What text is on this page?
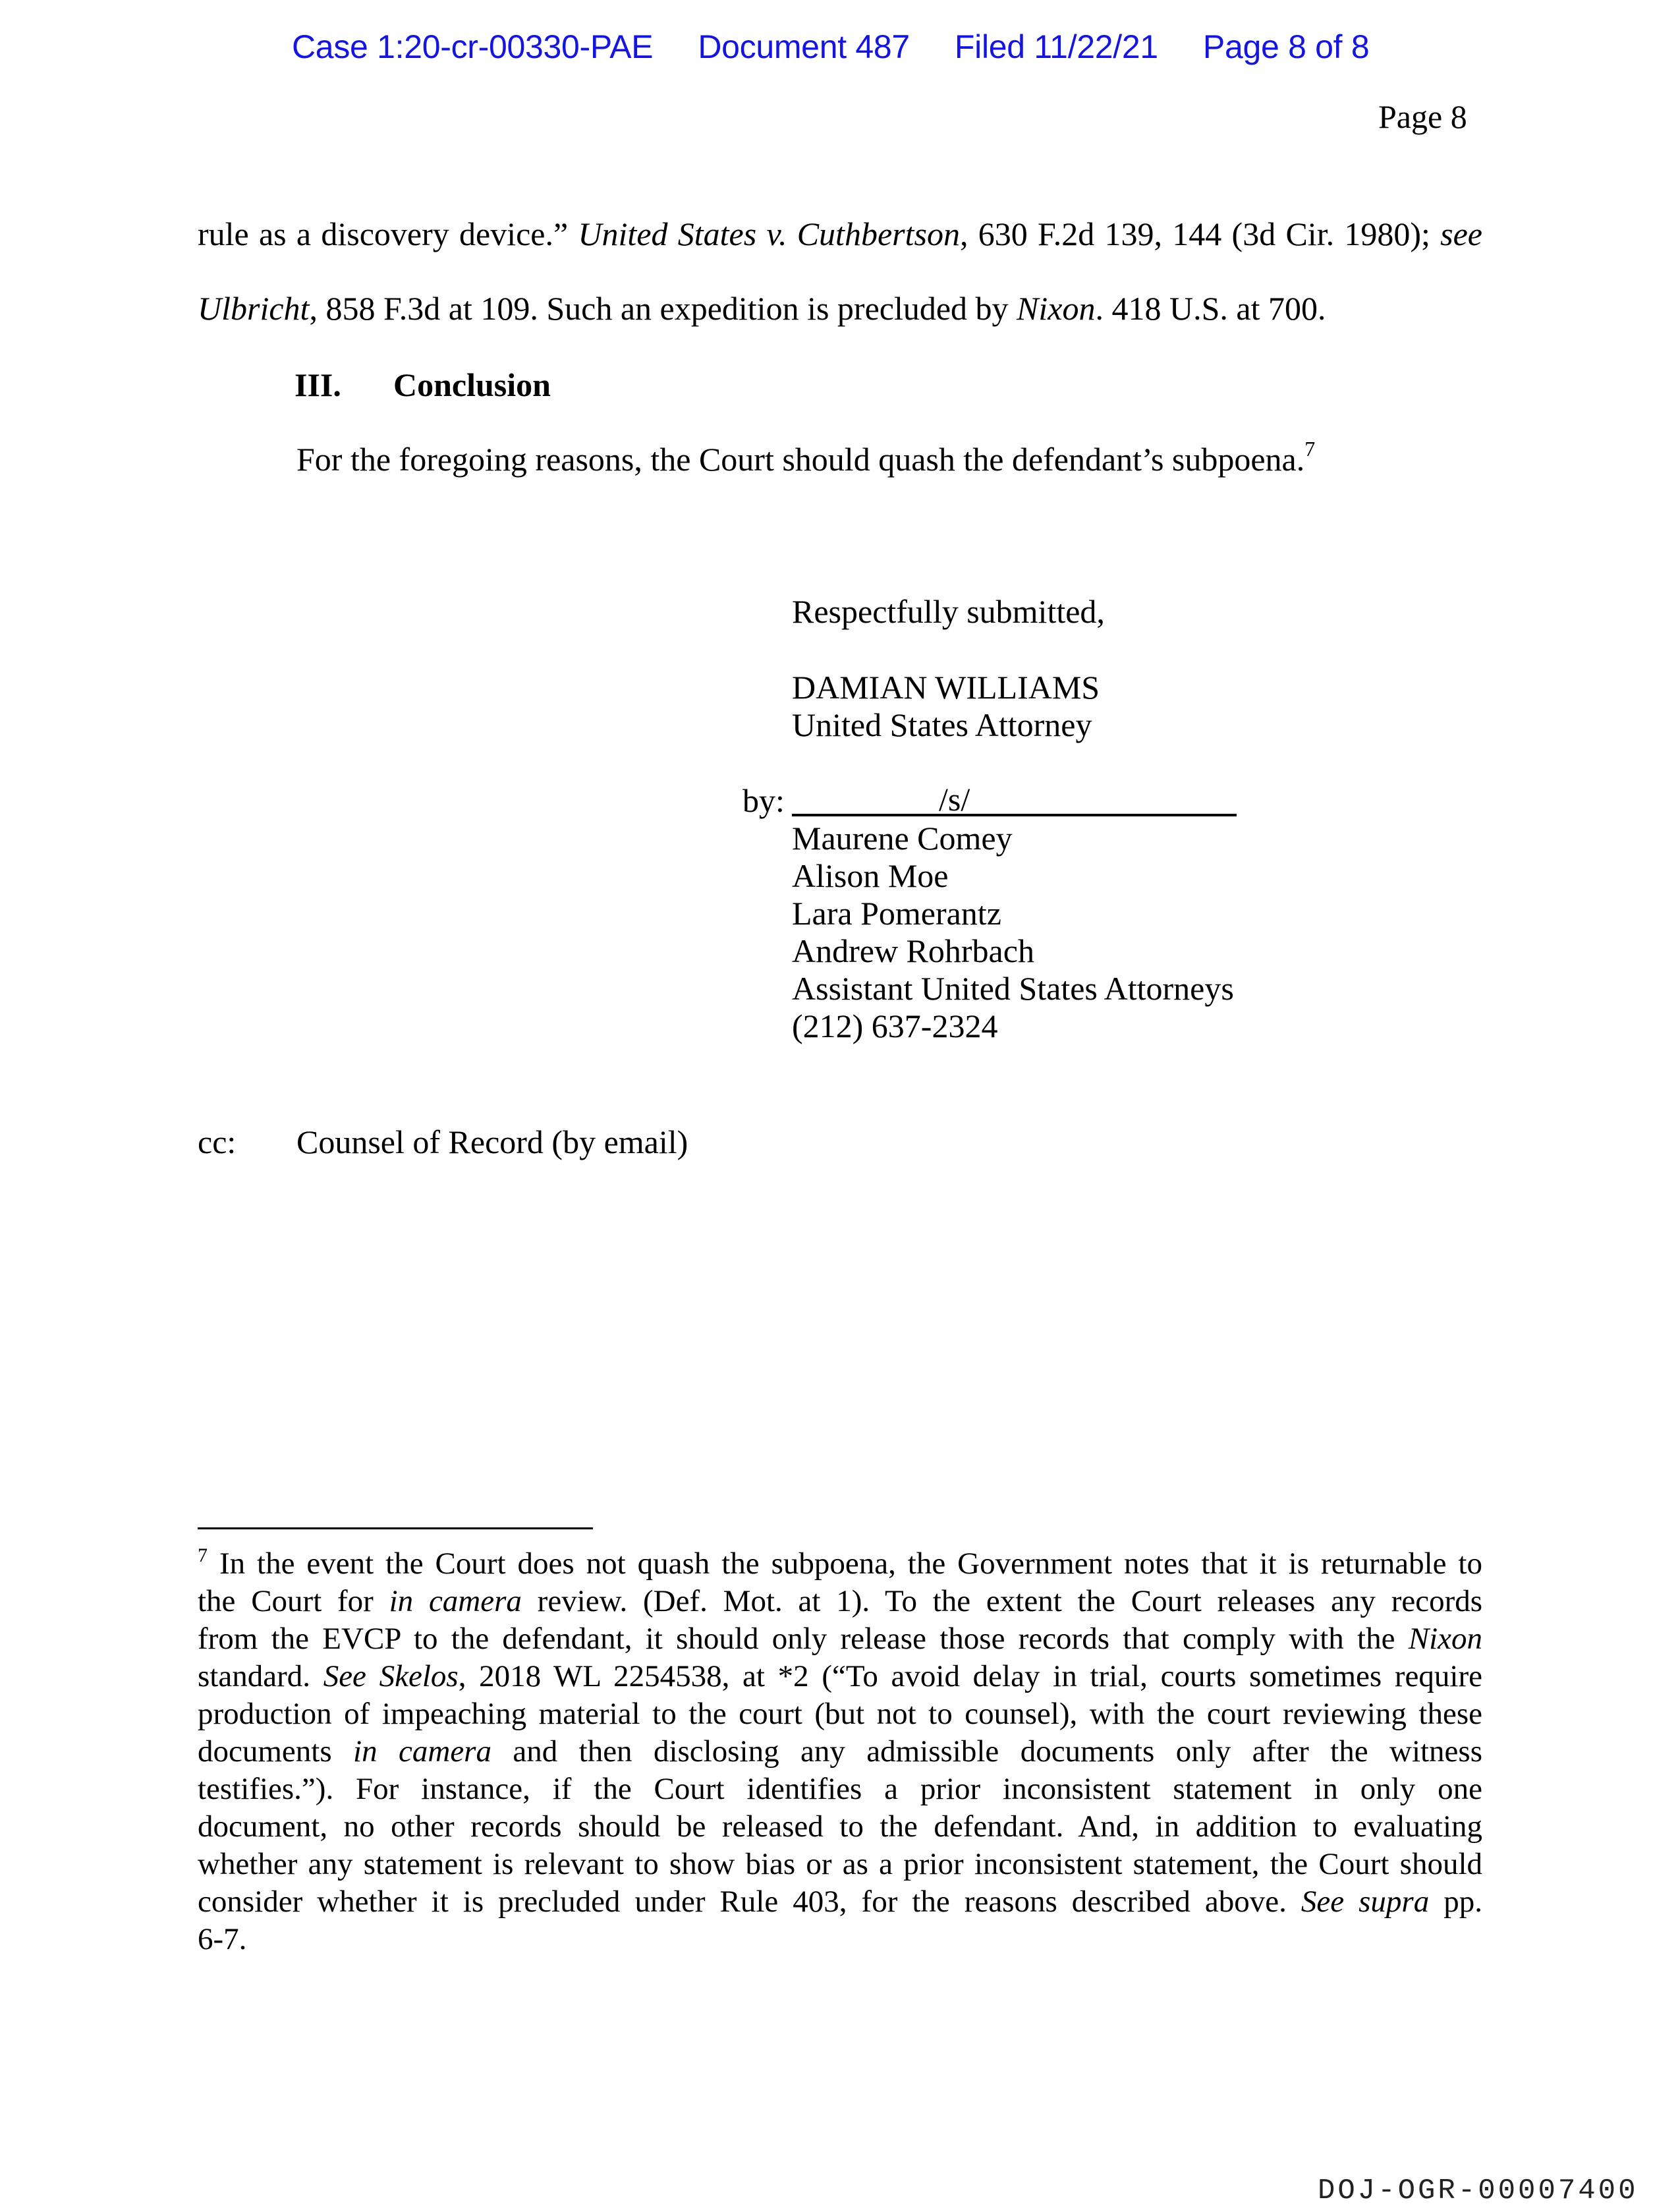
Case 1:20-cr-00330-PAE Document 487 Filed 11/22/21 Page 8 of 8
Page 8
rule as a discovery device.” United States v. Cuthbertson, 630 F.2d 139, 144 (3d Cir. 1980); see
Ulbricht, 858 F.3d at 109. Such an expedition is precluded by Nixon. 418 U.S. at 700.
III. Conclusion
For the foregoing reasons, the Court should quash the defendant’s subpoena.$^7$
Respectfully submitted,
DAMIAN WILLIAMS
United States Attorney
by:	/s/
Maurene Comey
Alison Moe
Lara Pomerantz
Andrew Rohrbach
Assistant United States Attorneys
(212) 637-2324
cc: Counsel of Record (by email)
$^7$ In the event the Court does not quash the subpoena, the Government notes that it is returnable to
the Court for in camera review. (Def. Mot. at 1). To the extent the Court releases any records
from the EVCP to the defendant, it should only release those records that comply with the Nixon
standard. See Skelos, 2018 WL 2254538, at *2 (“To avoid delay in trial, courts sometimes require
production of impeaching material to the court (but not to counsel), with the court reviewing these
documents in camera and then disclosing any admissible documents only after the witness
testifies.”). For instance, if the Court identifies a prior inconsistent statement in only one
document, no other records should be released to the defendant. And, in addition to evaluating
whether any statement is relevant to show bias or as a prior inconsistent statement, the Court should
consider whether it is precluded under Rule 403, for the reasons described above. See supra pp.
6-7.
DOJ-OGR-00007400
